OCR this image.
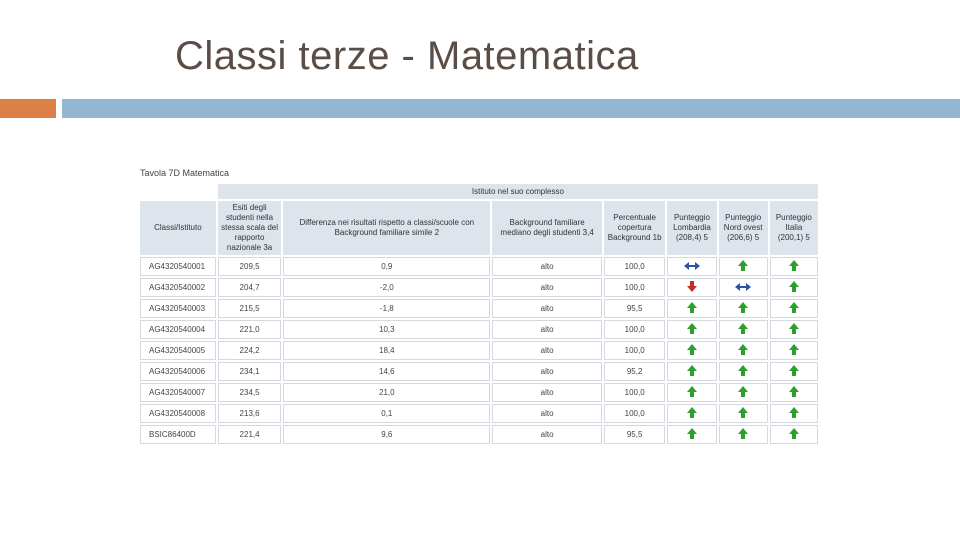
Classi terze - Matematica
Tavola 7D Matematica
	Istituto nel suo complesso						
Classi/Istituto	Esiti degli studenti nella stessa scala del rapporto nazionale 3a	Differenza nei risultati rispetto a classi/scuole con Background familiare simile 2	Background familiare mediano degli studenti 3,4	Percentuale copertura Background 1b	Punteggio Lombardia (208,4) 5	Punteggio Nord ovest (206,6) 5	Punteggio Italia (200,1) 5
AG4320540001	209,5	0,9	alto	100,0	

AG4320540002	204,7	-2,0	alto	100,0		

AG4320540003	215,5	-1,8	alto	95,5			
AG4320540004	221,0	10,3	alto	100,0			
AG4320540005	224,2	18,4	alto	100,0			
AG4320540006	234,1	14,6	alto	95,2			
AG4320540007	234,5	21,0	alto	100,0			
AG4320540008	213,6	0,1	alto	100,0			
BSIC86400D	221,4	9,6	alto	95,5			
